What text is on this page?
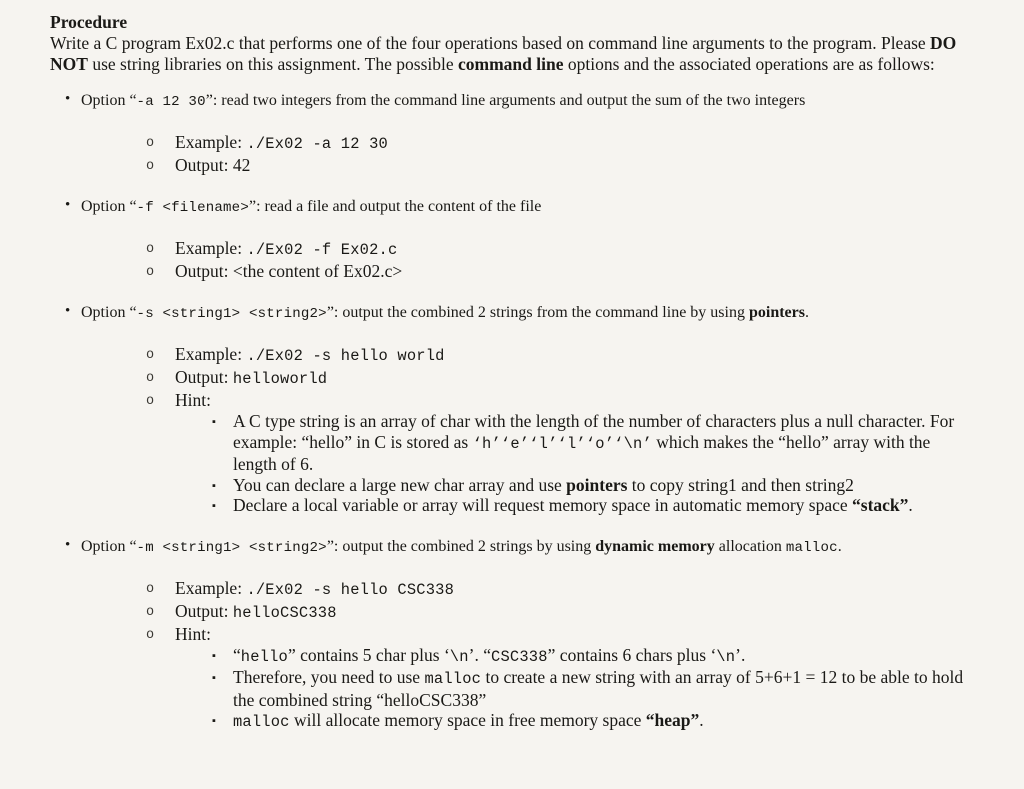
Procedure
Write a C program Ex02.c that performs one of the four operations based on command line arguments to the program. Please DO NOT use string libraries on this assignment. The possible command line options and the associated operations are as follows:
• Option “-a 12 30”: read two integers from the command line arguments and output the sum of the two integers
o Example: ./Ex02 -a 12 30
o Output: 42
• Option “-f <filename>”: read a file and output the content of the file
o Example: ./Ex02 -f Ex02.c
o Output: <the content of Ex02.c>
• Option “-s <string1> <string2>”: output the combined 2 strings from the command line by using pointers.
o Example: ./Ex02 -s hello world
o Output: helloworld
o Hint:
▪ A C type string is an array of char with the length of the number of characters plus a null character. For example: “hello” in C is stored as ‘h’‘e’‘l’‘l’‘o’‘\n’ which makes the “hello” array with the length of 6.
▪ You can declare a large new char array and use pointers to copy string1 and then string2
▪ Declare a local variable or array will request memory space in automatic memory space “stack”.
• Option “-m <string1> <string2>”: output the combined 2 strings by using dynamic memory allocation malloc.
o Example: ./Ex02 -s hello CSC338
o Output: helloCSC338
o Hint:
▪ “hello” contains 5 char plus ‘\n’. “CSC338” contains 6 chars plus ‘\n’.
▪ Therefore, you need to use malloc to create a new string with an array of 5+6+1 = 12 to be able to hold the combined string “helloCSC338”
▪ malloc will allocate memory space in free memory space “heap”.
